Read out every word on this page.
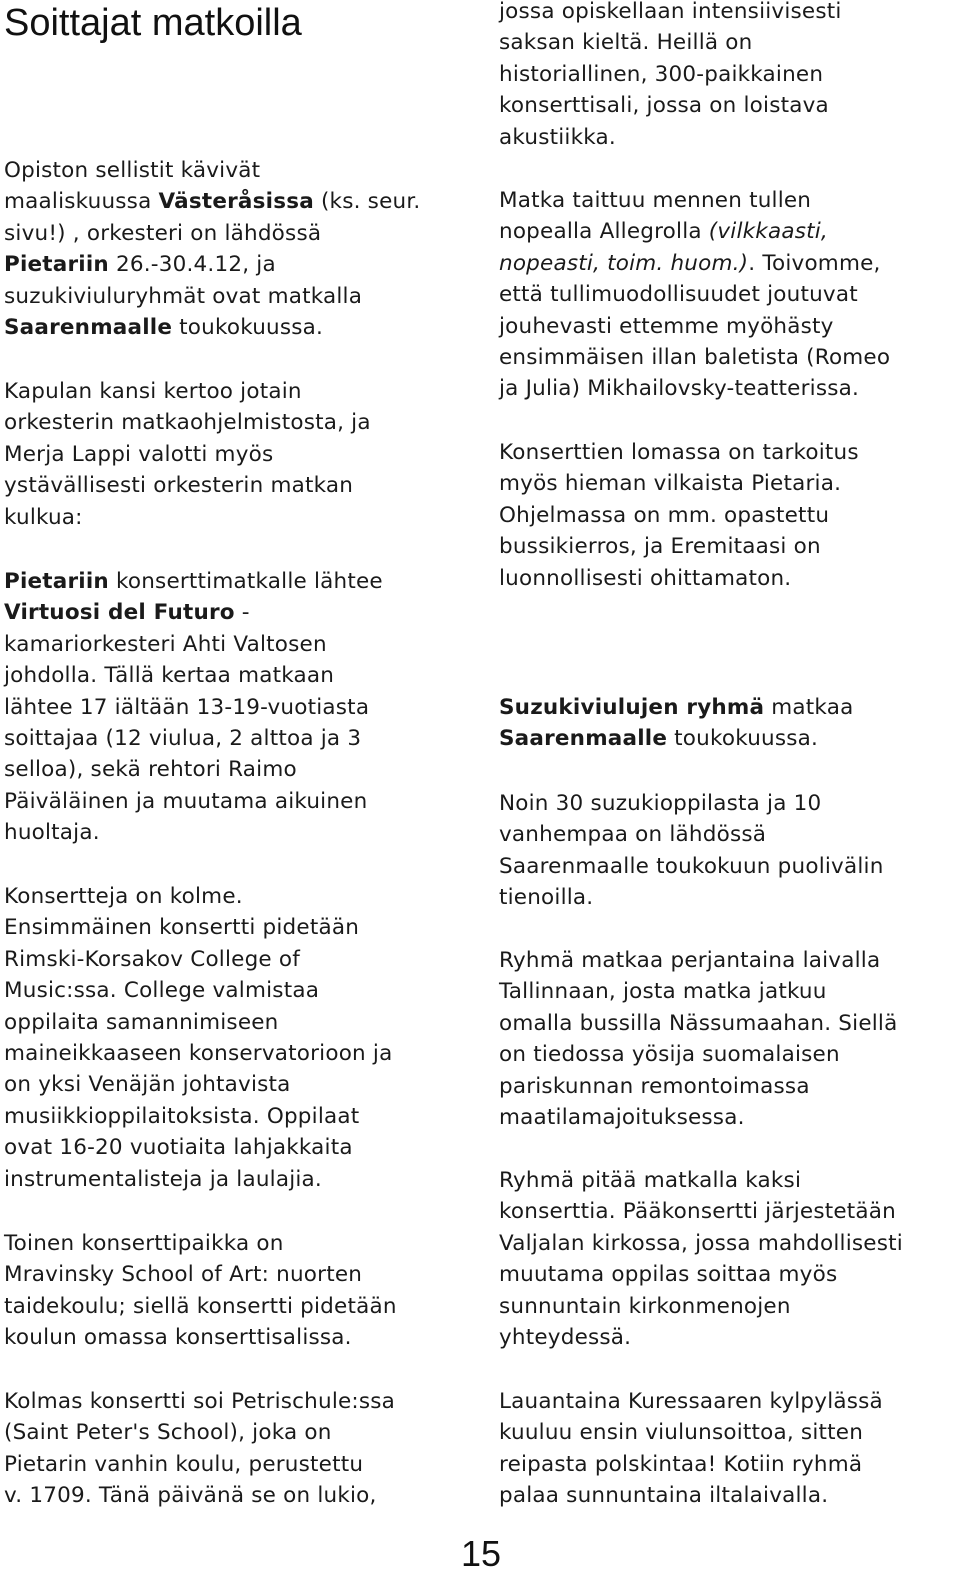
Soittajat matkoilla

Opiston sellistit kävivät
maaliskuussa Västeråsissa (ks. seur.
sivu!) , orkesteri on lähdössä
Pietariin 26.-30.4.12, ja
suzukiviuluryhmät ovat matkalla
Saarenmaalle toukokuussa.

Kapulan kansi kertoo jotain
orkesterin matkaohjelmistosta, ja
Merja Lappi valotti myös
ystävällisesti orkesterin matkan
kulkua:

Pietariin konserttimatkalle lähtee
Virtuosi del Futuro -
kamariorkesteri Ahti Valtosen
johdolla. Tällä kertaa matkaan
lähtee 17 iältään 13-19-vuotiasta
soittajaa (12 viulua, 2 alttoa ja 3
selloa), sekä rehtori Raimo
Päiväläinen ja muutama aikuinen
huoltaja.

Konsertteja on kolme.
Ensimmäinen konsertti pidetään
Rimski-Korsakov College of
Music:ssa. College valmistaa
oppilaita samannimiseen
maineikkaaseen konservatorioon ja
on yksi Venäjän johtavista
musiikkioppilaitoksista. Oppilaat
ovat 16-20 vuotiaita lahjakkaita
instrumentalisteja ja laulajia.

Toinen konserttipaikka on
Mravinsky School of Art: nuorten
taidekoulu; siellä konsertti pidetään
koulun omassa konserttisalissa.

Kolmas konsertti soi Petrischule:ssa
(Saint Peter's School), joka on
Pietarin vanhin koulu, perustettu
v. 1709. Tänä päivänä se on lukio,

jossa opiskellaan intensiivisesti
saksan kieltä. Heillä on
historiallinen, 300-paikkainen
konserttisali, jossa on loistava
akustiikka.

Matka taittuu mennen tullen
nopealla Allegrolla (vilkkaasti,
nopeasti, toim. huom.). Toivomme,
että tullimuodollisuudet joutuvat
jouhevasti ettemme myöhästy
ensimmäisen illan baletista (Romeo
ja Julia) Mikhailovsky-teatterissa.

Konserttien lomassa on tarkoitus
myös hieman vilkaista Pietaria.
Ohjelmassa on mm. opastettu
bussikierros, ja Eremitaasi on
luonnollisesti ohittamaton.

Suzukiviulujen ryhmä matkaa
Saarenmaalle toukokuussa.

Noin 30 suzukioppilasta ja 10
vanhempaa on lähdössä
Saarenmaalle toukokuun puolivälin
tienoilla.

Ryhmä matkaa perjantaina laivalla
Tallinnaan, josta matka jatkuu
omalla bussilla Nässumaahan. Siellä
on tiedossa yösija suomalaisen
pariskunnan remontoimassa
maatilamajoituksessa.

Ryhmä pitää matkalla kaksi
konserttia. Pääkonsertti järjestetään
Valjalan kirkossa, jossa mahdollisesti
muutama oppilas soittaa myös
sunnuntain kirkonmenojen
yhteydessä.

Lauantaina Kuressaaren kylpylässä
kuuluu ensin viulunsoittoa, sitten
reipasta polskintaa! Kotiin ryhmä
palaa sunnuntaina iltalaivalla.

15
